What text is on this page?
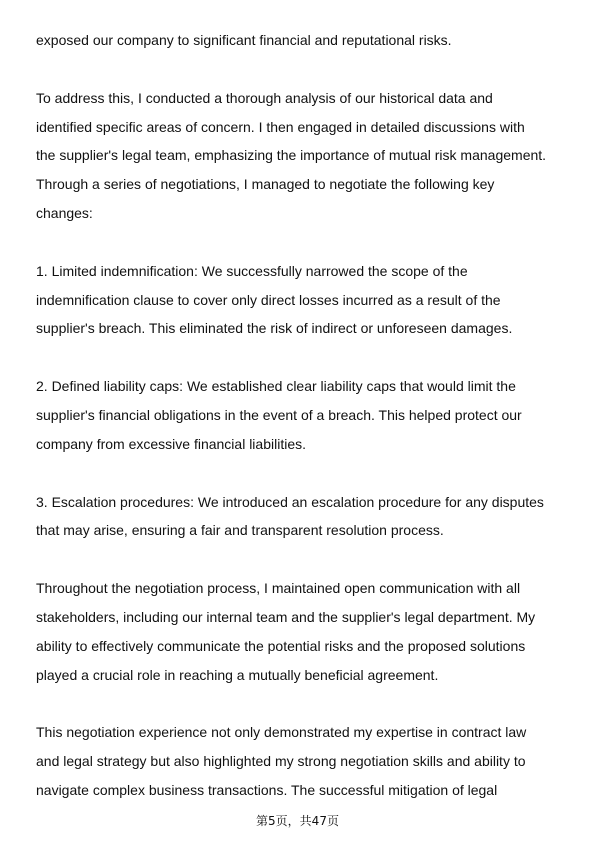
exposed our company to significant financial and reputational risks.

To address this, I conducted a thorough analysis of our historical data and
identified specific areas of concern. I then engaged in detailed discussions with
the supplier's legal team, emphasizing the importance of mutual risk management.
Through a series of negotiations, I managed to negotiate the following key
changes:

1. Limited indemnification: We successfully narrowed the scope of the
indemnification clause to cover only direct losses incurred as a result of the
supplier's breach. This eliminated the risk of indirect or unforeseen damages.

2. Defined liability caps: We established clear liability caps that would limit the
supplier's financial obligations in the event of a breach. This helped protect our
company from excessive financial liabilities.

3. Escalation procedures: We introduced an escalation procedure for any disputes
that may arise, ensuring a fair and transparent resolution process.

Throughout the negotiation process, I maintained open communication with all
stakeholders, including our internal team and the supplier's legal department. My
ability to effectively communicate the potential risks and the proposed solutions
played a crucial role in reaching a mutually beneficial agreement.

This negotiation experience not only demonstrated my expertise in contract law
and legal strategy but also highlighted my strong negotiation skills and ability to
navigate complex business transactions. The successful mitigation of legal

第5页，共47页
